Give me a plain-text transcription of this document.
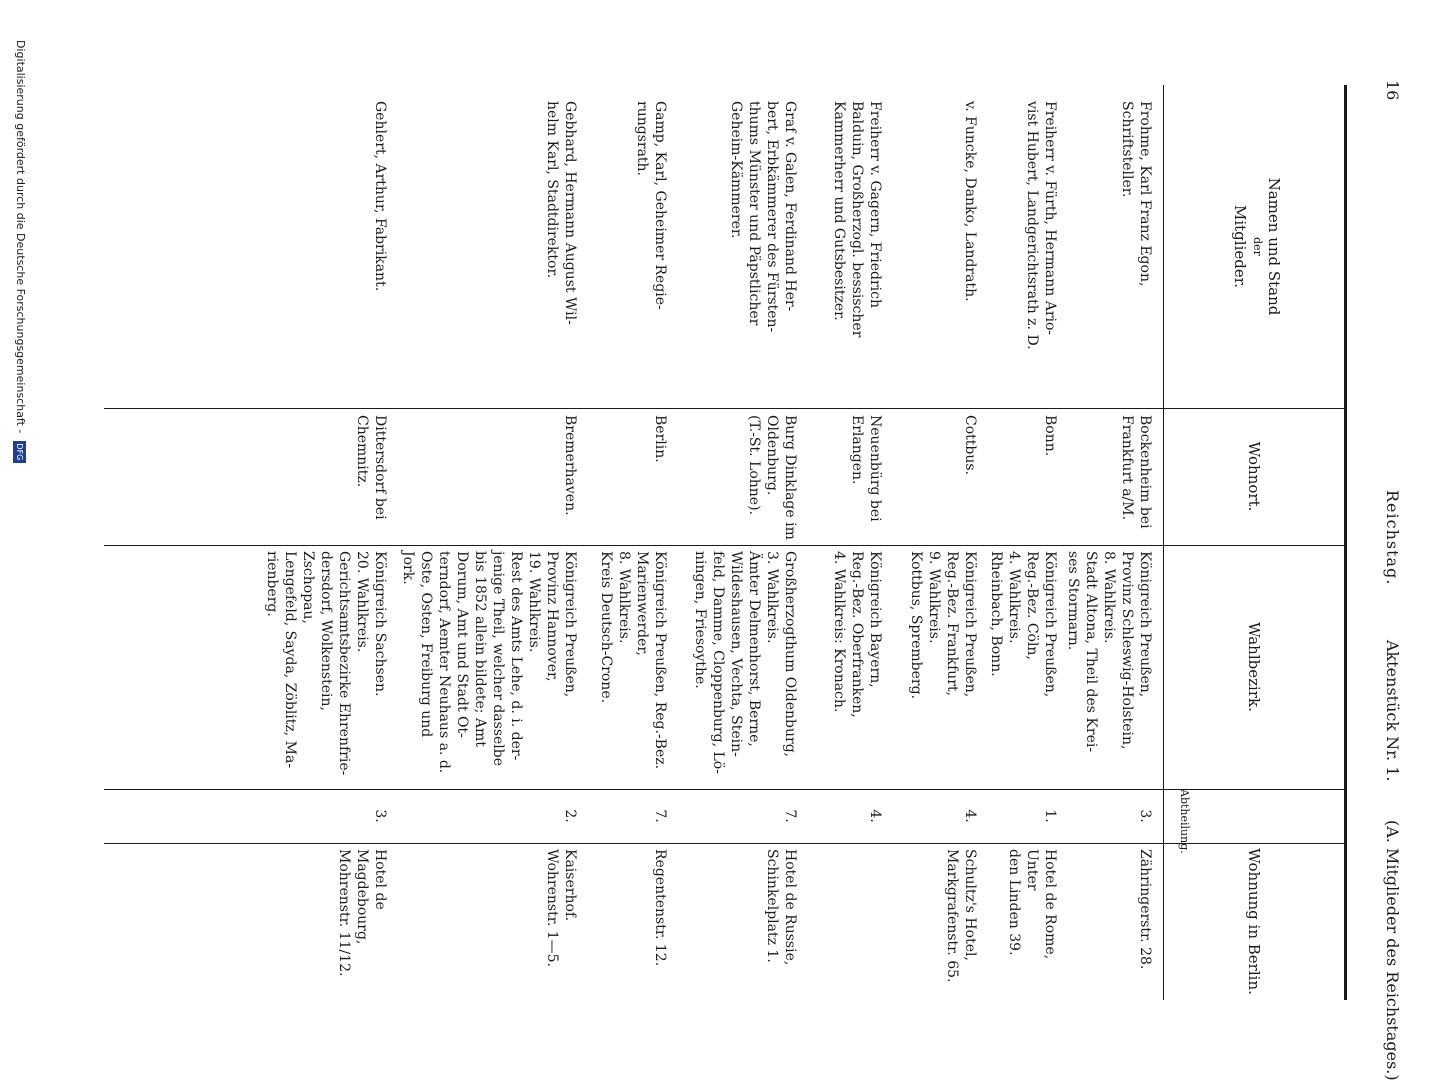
16
Reichstag.
Aktenstück Nr. 1.
(A. Mitglieder des Reichstages.)
Namen und Stand
der
Mitglieder.
Wohnort.
Wahlbezirk.
Abtheilung.
Wohnung in Berlin.
Frohme, Karl Franz Egon,
Schriftsteller.
Bockenheim bei
Frankfurt a/M.
Königreich Preußen,
Provinz Schleswig-Holstein,
8. Wahlkreis.
Stadt Altona, Theil des Krei-
ses Stormarn.
3.
Zähringerstr. 28.
Freiherr v. Fürth, Hermann Ario-
vist Hubert, Landgerichtsrath z. D.
Bonn.
Königreich Preußen,
Reg.-Bez. Cöln,
4. Wahlkreis.
Rheinbach, Bonn.
1.
Hotel de Rome, Unter
den Linden 39.
v. Funcke, Danko, Landrath.
Cottbus.
Königreich Preußen,
Reg.-Bez. Frankfurt,
9. Wahlkreis.
Kottbus, Spremberg.
4.
Schultz's Hotel,
Markgrafenstr. 65.
Freiherr v. Gagern, Friedrich
Balduin, Großherzogl. bessischer
Kammerherr und Gutsbesitzer.
Neuenbürg bei
Erlangen.
Königreich Bayern,
Reg.-Bez. Oberfranken,
4. Wahlkreis: Kronach.
4.
Graf v. Galen, Ferdinand Her-
bert, Erbkämmerer des Fürsten-
thums Münster und Päpstlicher
Geheim-Kämmerer.
Burg Dinklage im
Oldenburg.
(T.-St. Lohne).
Großherzogthum Oldenburg,
3. Wahlkreis.
Ämter Delmenhorst, Berne,
Wildeshausen, Vechta, Stein-
feld, Damme, Cloppenburg, Lö-
ningen, Friesoythe.
7.
Hotel de Russie,
Schinkelplatz 1.
Gamp, Karl, Geheimer Regie-
rungsrath.
Berlin.
Königreich Preußen, Reg.-Bez.
Marienwerder,
8. Wahlkreis.
Kreis Deutsch-Crone.
7.
Regentenstr. 12.
Gebhard, Hermann August Wil-
helm Karl, Stadtdirektor.
Bremerhaven.
Königreich Preußen,
Provinz Hannover,
19. Wahlkreis.
Rest des Amts Lehe, d. i. der-
jenige Theil, welcher dasselbe
bis 1852 allein bildete; Amt
Dorum, Amt und Stadt Ot-
terndorf, Aemter Neuhaus a. d.
Oste, Osten, Freiburg und
Jork.
2.
Kaiserhof.
Wohrenstr. 1—5.
Gehlert, Arthur, Fabrikant.
Dittersdorf bei
Chemnitz.
Königreich Sachsen.
20. Wahlkreis.
Gerichtsamtsbezirke Ehrenfrie-
dersdorf, Wolkenstein, Zschopau,
Lengefeld, Sayda, Zöblitz, Ma-
rienberg.
3.
Hotel de Magdebourg,
Mohrenstr. 11/12.
Digitalisierung gefördert durch die Deutsche Forschungsgemeinschaft - DFG
